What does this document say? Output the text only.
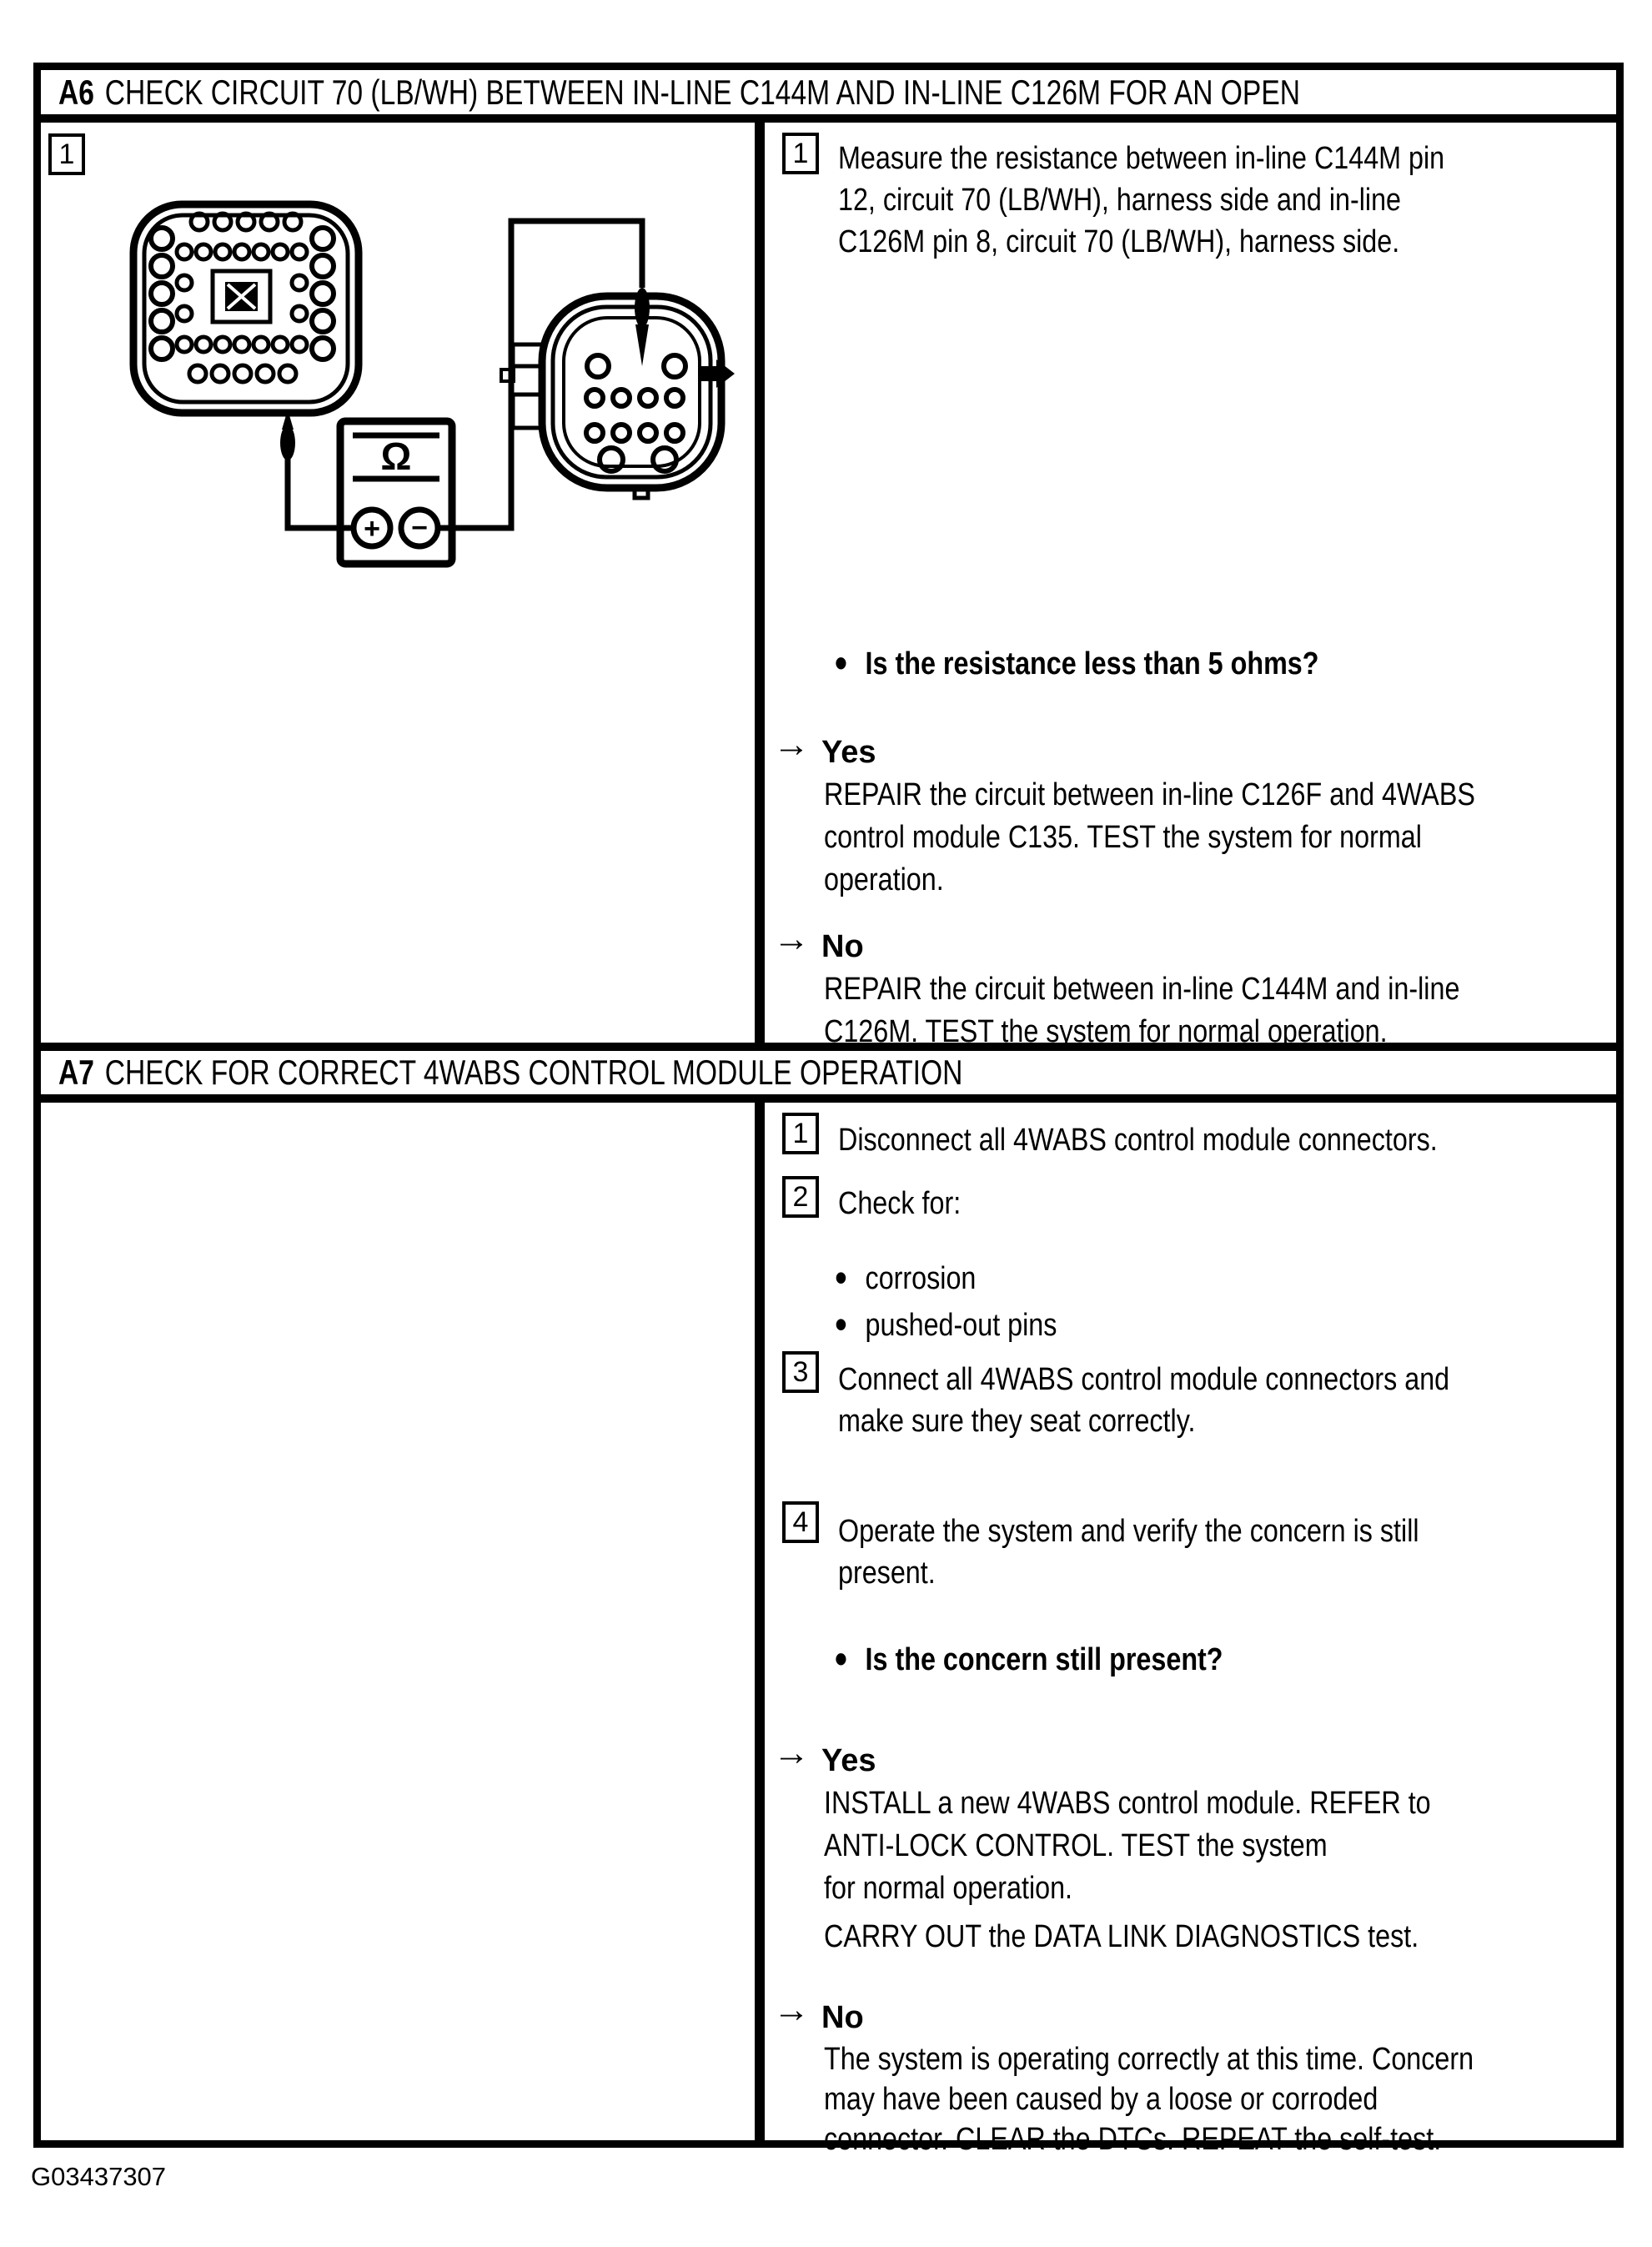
A6 CHECK CIRCUIT 70 (LB/WH) BETWEEN IN-LINE C144M AND IN-LINE C126M FOR AN OPEN
1
Ω
+ −
1 Measure the resistance between in-line C144M pin
12, circuit 70 (LB/WH), harness side and in-line
C126M pin 8, circuit 70 (LB/WH), harness side.
• Is the resistance less than 5 ohms?
→ Yes
REPAIR the circuit between in-line C126F and 4WABS
control module C135. TEST the system for normal
operation.
→ No
REPAIR the circuit between in-line C144M and in-line
C126M. TEST the system for normal operation.
A7 CHECK FOR CORRECT 4WABS CONTROL MODULE OPERATION
1 Disconnect all 4WABS control module connectors.
2 Check for:
• corrosion
• pushed-out pins
3 Connect all 4WABS control module connectors and
make sure they seat correctly.
4 Operate the system and verify the concern is still
present.
• Is the concern still present?
→ Yes
INSTALL a new 4WABS control module. REFER to
ANTI-LOCK CONTROL. TEST the system
for normal operation.
CARRY OUT the DATA LINK DIAGNOSTICS test.
→ No
The system is operating correctly at this time. Concern
may have been caused by a loose or corroded
connector. CLEAR the DTCs. REPEAT the self-test.
G03437307
